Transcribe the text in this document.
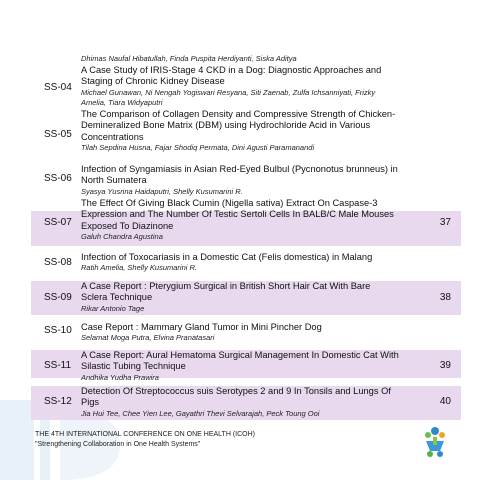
SS-04
Dhimas Naufal Hibatullah, Finda Puspita Herdiyanti, Siska Aditya
A Case Study of IRIS-Stage 4 CKD in a Dog: Diagnostic Approaches and Staging of Chronic Kidney Disease
Michael Gunawan, Ni Nengah Yogiswari Resyana, Siti Zaenab, Zulfa Ichsanniyati, Frizky Amelia, Tiara Widyaputri
SS-05
The Comparison of Collagen Density and Compressive Strength of Chicken-Demineralized Bone Matrix (DBM) using Hydrochloride Acid in Various Concentrations
Tilah Sepdina Husna, Fajar Shodiq Permata, Dini Agusti Paramanandi
SS-06
Infection of Syngamiasis in Asian Red-Eyed Bulbul (Pycnonotus brunneus) in North Sumatera
Syasya Yusrina Haidaputri, Shelly Kusumarini R.
SS-07
The Effect Of Giving Black Cumin (Nigella sativa) Extract On Caspase-3 Expression and The Number Of Testic Sertoli Cells In BALB/C Male Mouses Exposed To Diazinone
Galuh Chandra Agustina
37
SS-08 Infection of Toxocariasis in a Domestic Cat (Felis domestica) in Malang
Ratih Amelia, Shelly Kusumarini R.
SS-09
A Case Report : Pterygium Surgical in British Short Hair Cat With Bare Sclera Technique
Rikar Antonio Tage
38
SS-10 Case Report : Mammary Gland Tumor in Mini Pincher Dog
Selamat Moga Putra, Elvina Pranatasari
SS-11
A Case Report: Aural Hematoma Surgical Management In Domestic Cat With Silastic Tubing Technique
Andhika Yudha Prawira
39
SS-12
Detection Of Streptococcus suis Serotypes 2 and 9 In Tonsils and Lungs Of Pigs
Jia Hui Tee, Chee Yien Lee, Gayathri Thevi Selvarajah, Peck Toung Ooi
40
THE 4TH INTERNATIONAL CONFERENCE ON ONE HEALTH (ICOH)
"Strengthening Collaboration in One Health Systems"
